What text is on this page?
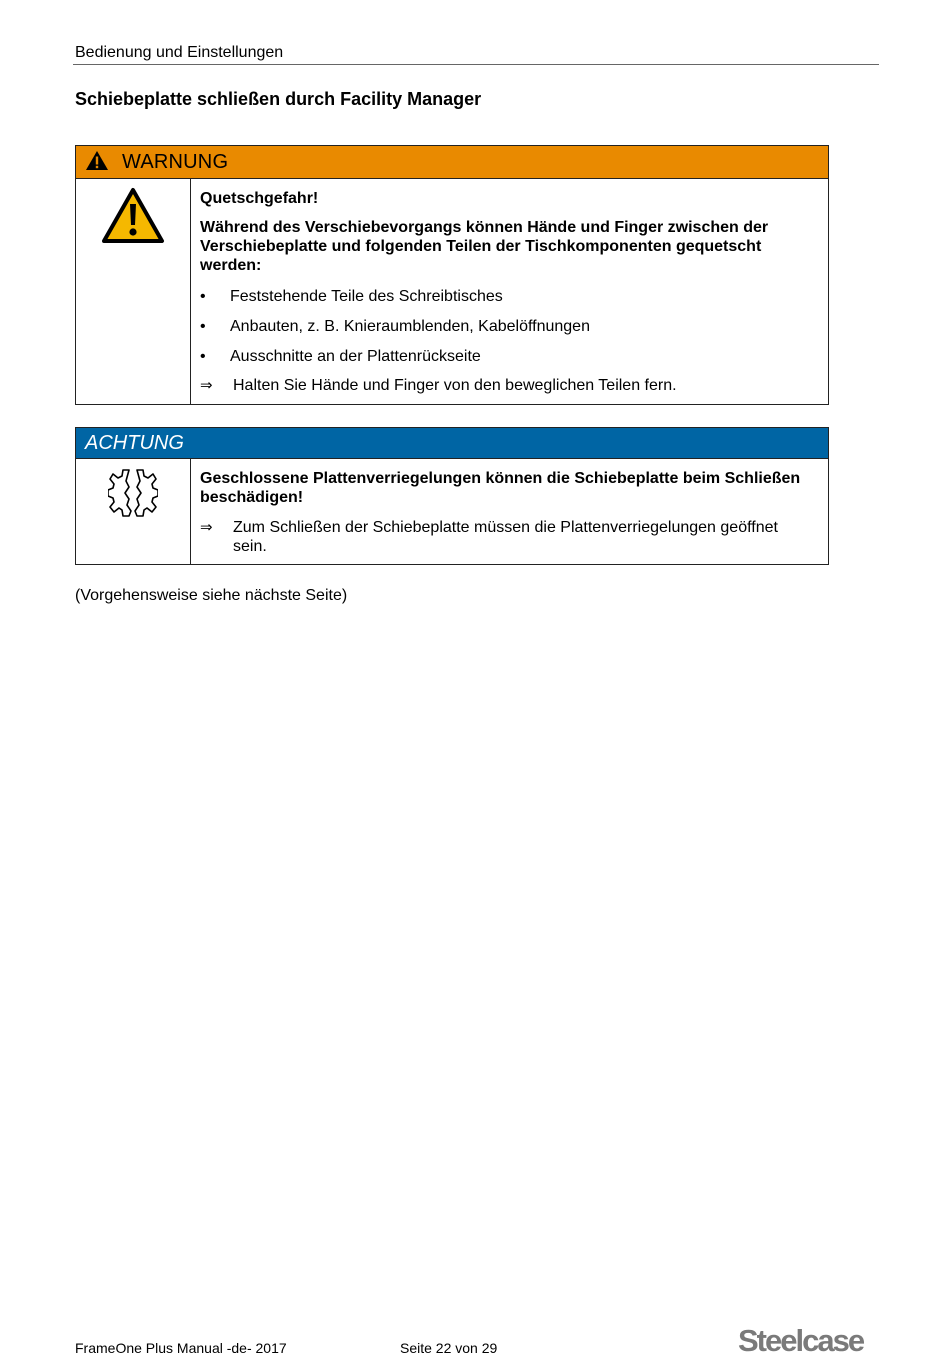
Bedienung und Einstellungen
Schiebeplatte schließen durch Facility Manager
WARNUNG
Quetschgefahr!
Während des Verschiebevorgangs können Hände und Finger zwischen der Verschiebeplatte und folgenden Teilen der Tischkomponenten gequetscht werden:
• Feststehende Teile des Schreibtisches
• Anbauten, z. B. Knieraumblenden, Kabelöffnungen
• Ausschnitte an der Plattenrückseite
⇒ Halten Sie Hände und Finger von den beweglichen Teilen fern.
ACHTUNG
Geschlossene Plattenverriegelungen können die Schiebeplatte beim Schließen beschädigen!
⇒ Zum Schließen der Schiebeplatte müssen die Plattenverriegelungen geöffnet sein.
(Vorgehensweise siehe nächste Seite)
FrameOne Plus Manual -de- 2017	Seite 22 von 29	Steelcase
